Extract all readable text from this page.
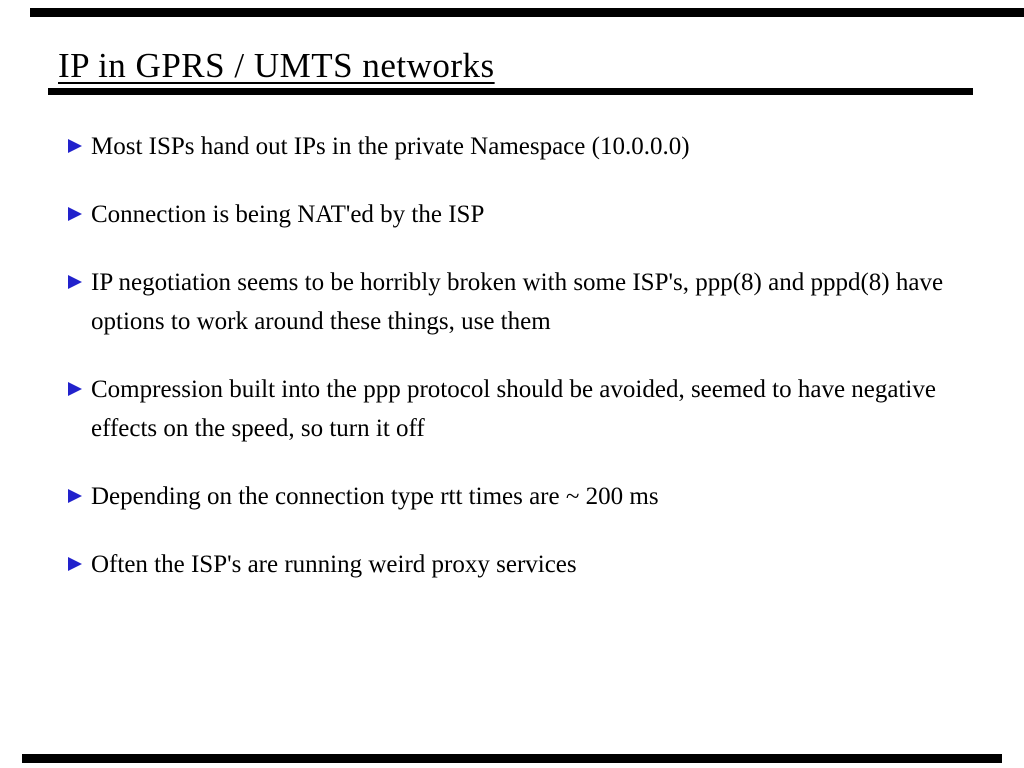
IP in GPRS / UMTS networks
Most ISPs hand out IPs in the private Namespace (10.0.0.0)
Connection is being NAT'ed by the ISP
IP negotiation seems to be horribly broken with some ISP's, ppp(8) and pppd(8) have options to work around these things, use them
Compression built into the ppp protocol should be avoided, seemed to have negative effects on the speed, so turn it off
Depending on the connection type rtt times are ~ 200 ms
Often the ISP's are running weird proxy services
